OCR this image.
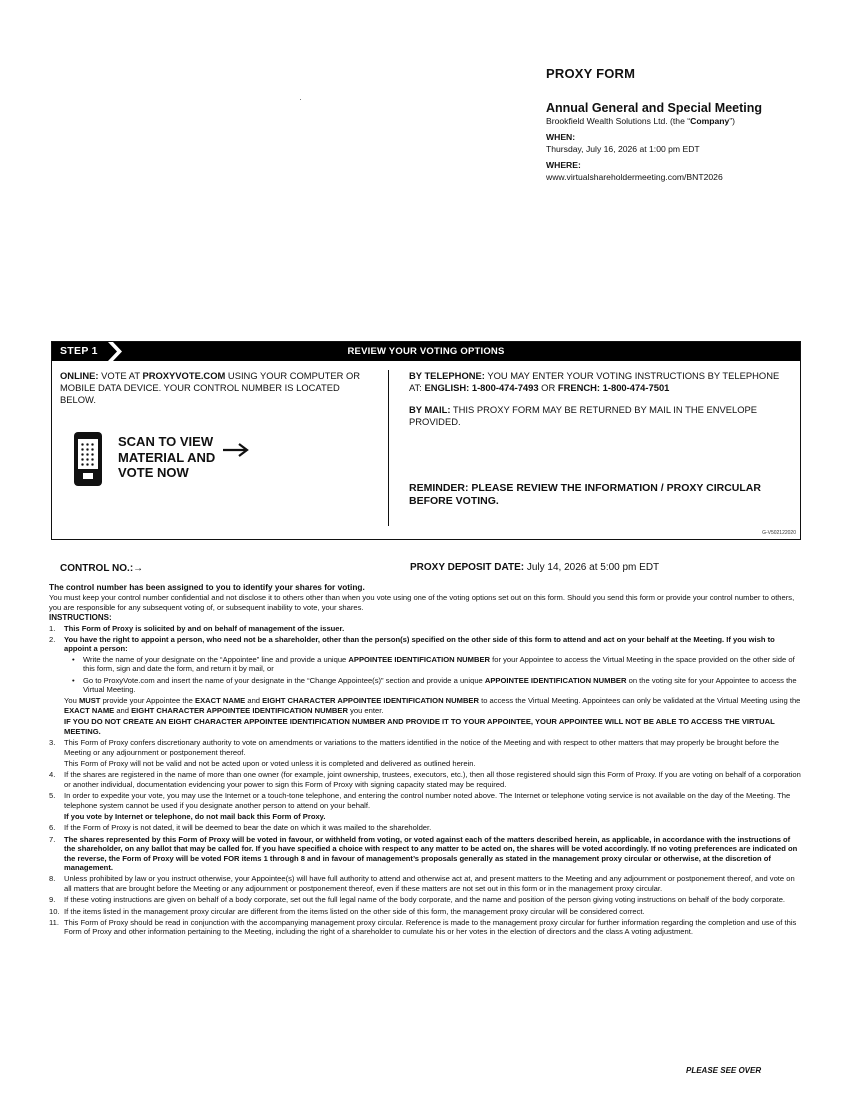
PROXY FORM
Annual General and Special Meeting
Brookfield Wealth Solutions Ltd. (the “Company”)
WHEN:
Thursday, July 16, 2026 at 1:00 pm EDT
WHERE:
www.virtualshareholdermeeting.com/BNT2026
STEP 1	REVIEW YOUR VOTING OPTIONS
ONLINE: VOTE AT PROXYVOTE.COM USING YOUR COMPUTER OR MOBILE DATA DEVICE. YOUR CONTROL NUMBER IS LOCATED BELOW.
SCAN TO VIEW
MATERIAL AND
VOTE NOW
BY TELEPHONE: YOU MAY ENTER YOUR VOTING INSTRUCTIONS BY TELEPHONE AT: ENGLISH: 1-800-474-7493 OR FRENCH: 1-800-474-7501
BY MAIL: THIS PROXY FORM MAY BE RETURNED BY MAIL IN THE ENVELOPE PROVIDED.
REMINDER: PLEASE REVIEW THE INFORMATION / PROXY CIRCULAR BEFORE VOTING.
G-V502122020
CONTROL NO.:→	PROXY DEPOSIT DATE: July 14, 2026 at 5:00 pm EDT

The control number has been assigned to you to identify your shares for voting.

You must keep your control number confidential and not disclose it to others other than when you vote using one of the voting options set out on this form. Should you send this form or provide your control number to others, you are responsible for any subsequent voting of, or subsequent inability to vote, your shares.

INSTRUCTIONS:

1. This Form of Proxy is solicited by and on behalf of management of the issuer.
2. You have the right to appoint a person, who need not be a shareholder, other than the person(s) specified on the other side of this form to attend and act on your behalf at the Meeting. If you wish to appoint a person:
• Write the name of your designate on the “Appointee” line and provide a unique APPOINTEE IDENTIFICATION NUMBER for your Appointee to access the Virtual Meeting in the space provided on the other side of this form, sign and date the form, and return it by mail, or
• Go to ProxyVote.com and insert the name of your designate in the “Change Appointee(s)” section and provide a unique APPOINTEE IDENTIFICATION NUMBER on the voting site for your Appointee to access the Virtual Meeting.

You MUST provide your Appointee the EXACT NAME and EIGHT CHARACTER APPOINTEE IDENTIFICATION NUMBER to access the Virtual Meeting. Appointees can only be validated at the Virtual Meeting using the EXACT NAME and EIGHT CHARACTER APPOINTEE IDENTIFICATION NUMBER you enter.

IF YOU DO NOT CREATE AN EIGHT CHARACTER APPOINTEE IDENTIFICATION NUMBER AND PROVIDE IT TO YOUR APPOINTEE, YOUR APPOINTEE WILL NOT BE ABLE TO ACCESS THE VIRTUAL MEETING.

3. This Form of Proxy confers discretionary authority to vote on amendments or variations to the matters identified in the notice of the Meeting and with respect to other matters that may properly be brought before the Meeting or any adjournment or postponement thereof.

This Form of Proxy will not be valid and not be acted upon or voted unless it is completed and delivered as outlined herein.

4. If the shares are registered in the name of more than one owner (for example, joint ownership, trustees, executors, etc.), then all those registered should sign this Form of Proxy. If you are voting on behalf of a corporation or another individual, documentation evidencing your power to sign this Form of Proxy with signing capacity stated may be required.
5. In order to expedite your vote, you may use the Internet or a touch-tone telephone, and entering the control number noted above. The Internet or telephone voting service is not available on the day of the Meeting. The telephone system cannot be used if you designate another person to attend on your behalf.

If you vote by Internet or telephone, do not mail back this Form of Proxy.

6. If the Form of Proxy is not dated, it will be deemed to bear the date on which it was mailed to the shareholder.
7. The shares represented by this Form of Proxy will be voted in favour, or withheld from voting, or voted against each of the matters described herein, as applicable, in accordance with the instructions of the shareholder, on any ballot that may be called for. If you have specified a choice with respect to any matter to be acted on, the shares will be voted accordingly. If no voting preferences are indicated on the reverse, the Form of Proxy will be voted FOR items 1 through 8 and in favour of management’s proposals generally as stated in the management proxy circular or otherwise, at the discretion of management.
8. Unless prohibited by law or you instruct otherwise, your Appointee(s) will have full authority to attend and otherwise act at, and present matters to the Meeting and any adjournment or postponement thereof, and vote on all matters that are brought before the Meeting or any adjournment or postponement thereof, even if these matters are not set out in this form or in the management proxy circular.
9. If these voting instructions are given on behalf of a body corporate, set out the full legal name of the body corporate, and the name and position of the person giving voting instructions on behalf of the body corporate.
10. If the items listed in the management proxy circular are different from the items listed on the other side of this form, the management proxy circular will be considered correct.
11. This Form of Proxy should be read in conjunction with the accompanying management proxy circular. Reference is made to the management proxy circular for further information regarding the completion and use of this Form of Proxy and other information pertaining to the Meeting, including the right of a shareholder to cumulate his or her votes in the election of directors and the class A voting adjustment.
PLEASE SEE OVER
